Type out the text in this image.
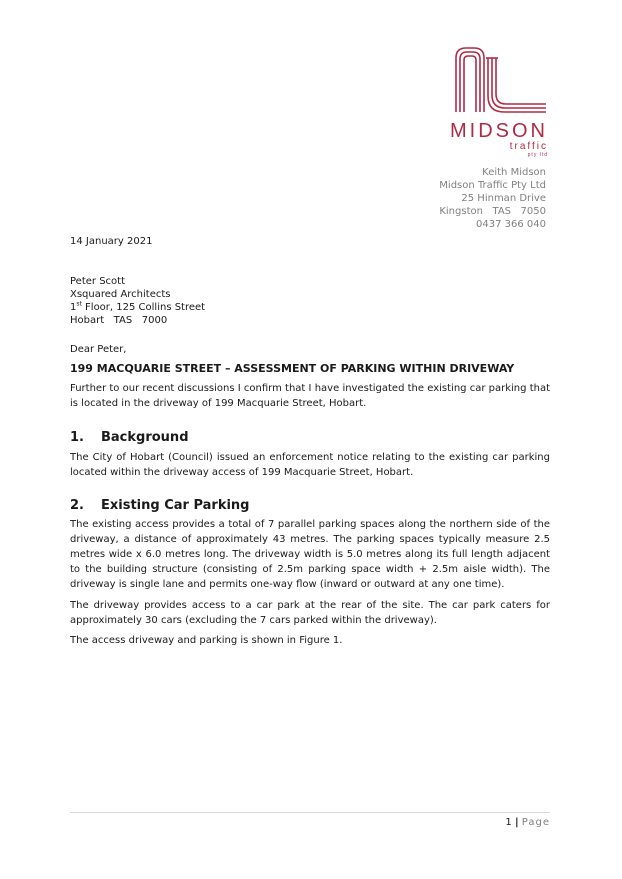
MIDSON
traffic
pty ltd
Keith Midson
Midson Traffic Pty Ltd
25 Hinman Drive
Kingston   TAS   7050
0437 366 040
14 January 2021
Peter Scott
Xsquared Architects
1st Floor, 125 Collins Street
Hobart   TAS   7000
Dear Peter,
199 MACQUARIE STREET – ASSESSMENT OF PARKING WITHIN DRIVEWAY
Further to our recent discussions I confirm that I have investigated the existing car parking that is located in the driveway of 199 Macquarie Street, Hobart.
1. Background
The City of Hobart (Council) issued an enforcement notice relating to the existing car parking located within the driveway access of 199 Macquarie Street, Hobart.
2. Existing Car Parking
The existing access provides a total of 7 parallel parking spaces along the northern side of the driveway, a distance of approximately 43 metres. The parking spaces typically measure 2.5 metres wide x 6.0 metres long. The driveway width is 5.0 metres along its full length adjacent to the building structure (consisting of 2.5m parking space width + 2.5m aisle width). The driveway is single lane and permits one-way flow (inward or outward at any one time).
The driveway provides access to a car park at the rear of the site. The car park caters for approximately 30 cars (excluding the 7 cars parked within the driveway).
The access driveway and parking is shown in Figure 1.
1 | Page
